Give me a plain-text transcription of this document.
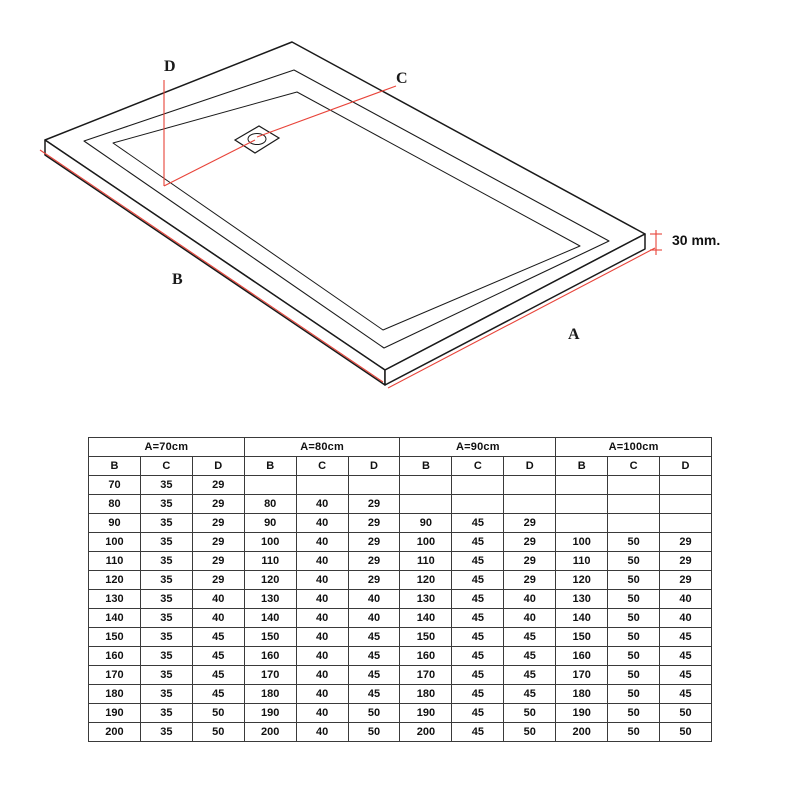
A
B
C
D
30 mm.
A=70cm			A=80cm			A=90cm			A=100cm		
B	C	D	B	C	D	B	C	D	B	C	D
70	35	29									
80	35	29	80	40	29						
90	35	29	90	40	29	90	45	29			
100	35	29	100	40	29	100	45	29	100	50	29
110	35	29	110	40	29	110	45	29	110	50	29
120	35	29	120	40	29	120	45	29	120	50	29
130	35	40	130	40	40	130	45	40	130	50	40
140	35	40	140	40	40	140	45	40	140	50	40
150	35	45	150	40	45	150	45	45	150	50	45
160	35	45	160	40	45	160	45	45	160	50	45
170	35	45	170	40	45	170	45	45	170	50	45
180	35	45	180	40	45	180	45	45	180	50	45
190	35	50	190	40	50	190	45	50	190	50	50
200	35	50	200	40	50	200	45	50	200	50	50
